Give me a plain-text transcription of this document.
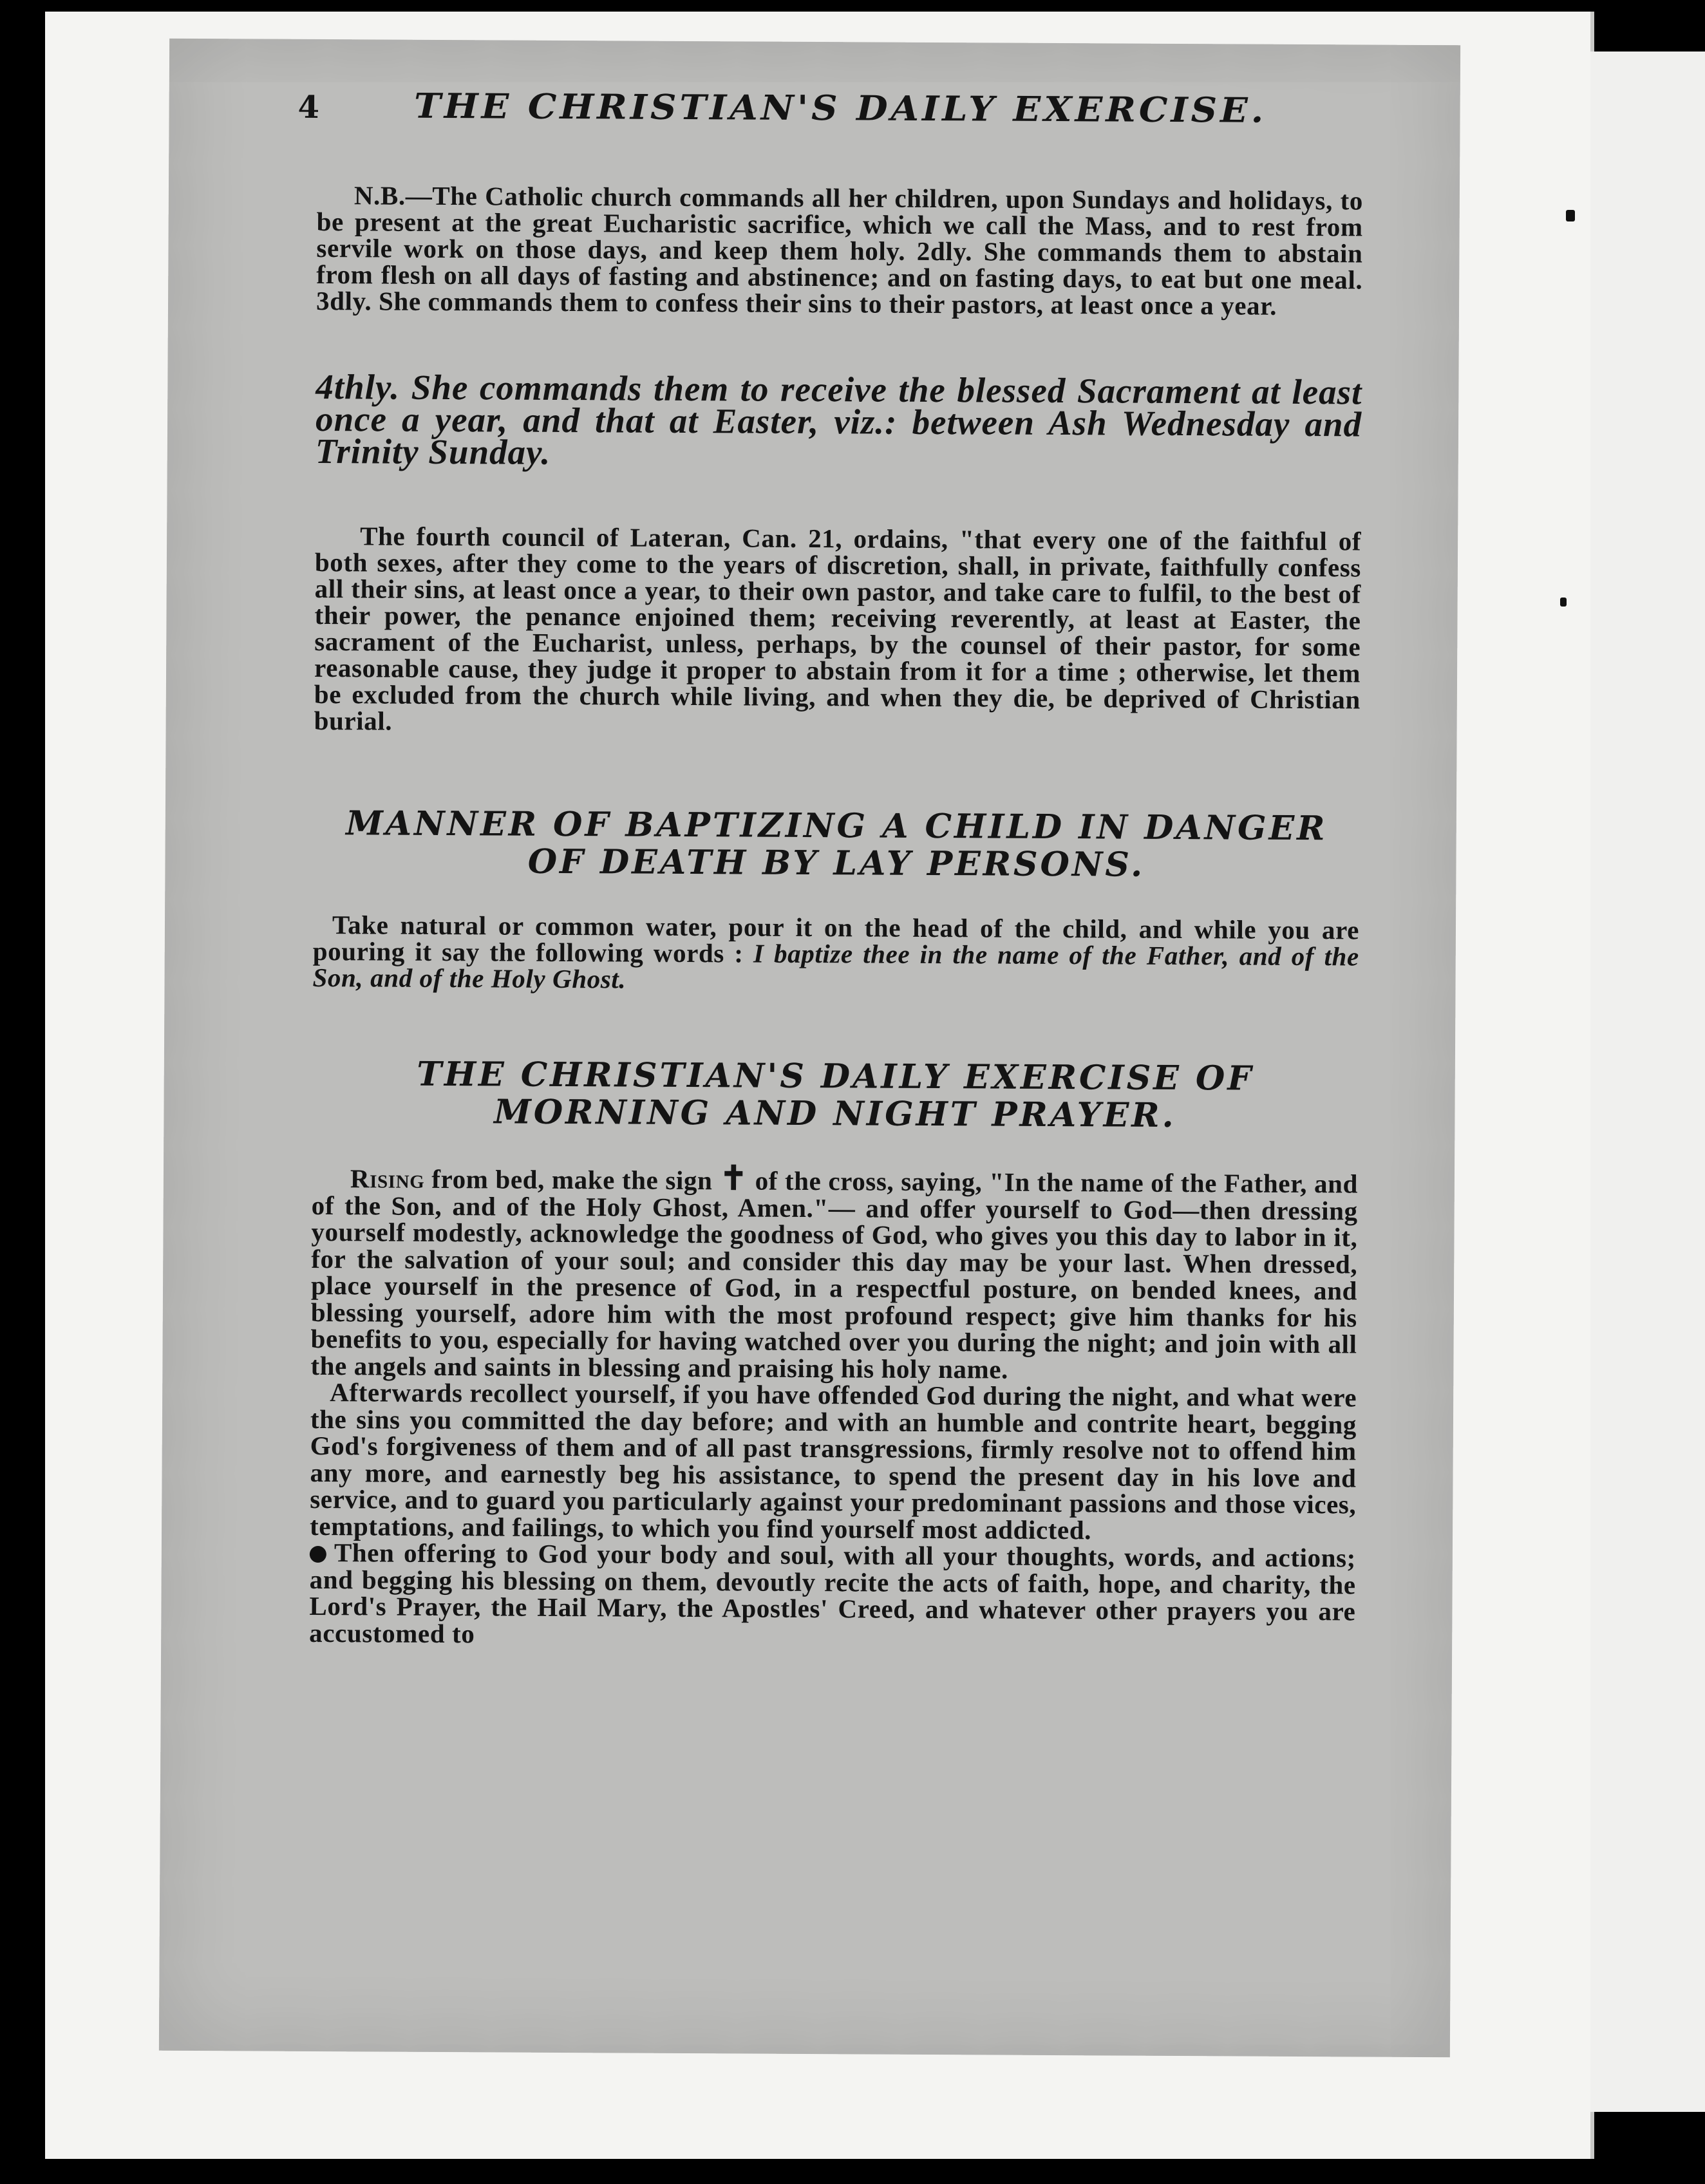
4	THE CHRISTIAN'S DAILY EXERCISE.

N.B.—The Catholic church commands all her children, upon Sundays and holidays, to be present at the great Eucharistic sacrifice, which we call the Mass, and to rest from servile work on those days, and keep them holy. 2dly. She commands them to abstain from flesh on all days of fasting and abstinence; and on fasting days, to eat but one meal. 3dly. She commands them to confess their sins to their pastors, at least once a year.

4thly. She commands them to receive the blessed Sacrament at least once a year, and that at Easter, viz.: between Ash Wednesday and Trinity Sunday.

The fourth council of Lateran, Can. 21, ordains, "that every one of the faithful of both sexes, after they come to the years of discretion, shall, in private, faithfully confess all their sins, at least once a year, to their own pastor, and take care to fulfil, to the best of their power, the penance enjoined them; receiving reverently, at least at Easter, the sacrament of the Eucharist, unless, perhaps, by the counsel of their pastor, for some reasonable cause, they judge it proper to abstain from it for a time ; otherwise, let them be excluded from the church while living, and when they die, be deprived of Christian burial.

MANNER OF BAPTIZING A CHILD IN DANGER
OF DEATH BY LAY PERSONS.

Take natural or common water, pour it on the head of the child, and while you are pouring it say the following words : I baptize thee in the name of the Father, and of the Son, and of the Holy Ghost.

THE CHRISTIAN'S DAILY EXERCISE OF
MORNING AND NIGHT PRAYER.

Rising from bed, make the sign ✝ of the cross, saying, "In the name of the Father, and of the Son, and of the Holy Ghost, Amen."— and offer yourself to God—then dressing yourself modestly, acknowledge the goodness of God, who gives you this day to labor in it, for the salvation of your soul; and consider this day may be your last. When dressed, place yourself in the presence of God, in a respectful posture, on bended knees, and blessing yourself, adore him with the most profound respect; give him thanks for his benefits to you, especially for having watched over you during the night; and join with all the angels and saints in blessing and praising his holy name.

Afterwards recollect yourself, if you have offended God during the night, and what were the sins you committed the day before; and with an humble and contrite heart, begging God's forgiveness of them and of all past transgressions, firmly resolve not to offend him any more, and earnestly beg his assistance, to spend the present day in his love and service, and to guard you particularly against your predominant passions and those vices, temptations, and failings, to which you find yourself most addicted.

Then offering to God your body and soul, with all your thoughts, words, and actions; and begging his blessing on them, devoutly recite the acts of faith, hope, and charity, the Lord's Prayer, the Hail Mary, the Apostles' Creed, and whatever other prayers you are accustomed to
